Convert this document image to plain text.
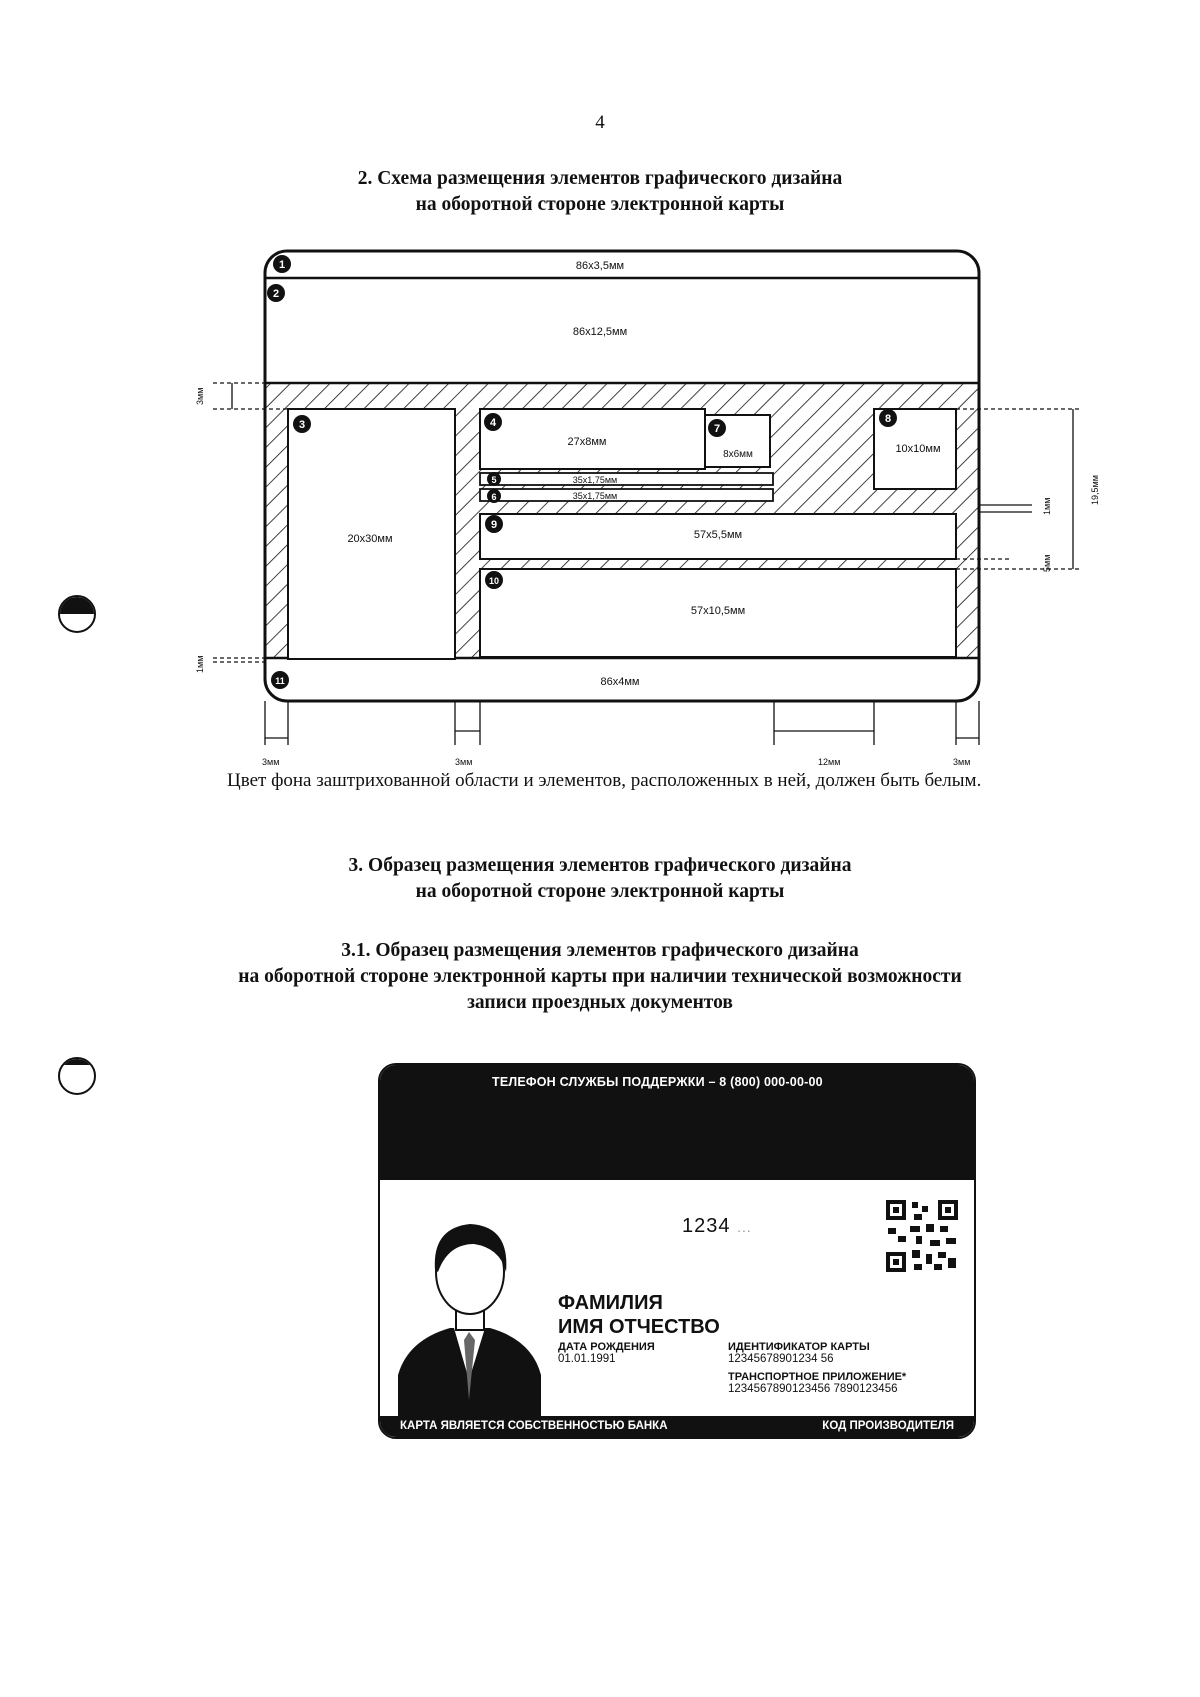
4
2. Схема размещения элементов графического дизайна
на оборотной стороне электронной карты
1
2
3	4
5
6
7
8
9
10
11
86х3,5мм
86х12,5мм
20х30мм
27х8мм
35х1,75мм
35х1,75мм
8х6мм	10х10мм
57х5,5мм
57х10,5мм
86х4мм
3мм
1мм
19,5мм
1мм
5мм
3мм	3мм	12мм	3мм
Цвет фона заштрихованной области и элементов, расположенных в ней, должен быть белым.
3. Образец размещения элементов графического дизайна
на оборотной стороне электронной карты
3.1. Образец размещения элементов графического дизайна
на оборотной стороне электронной карты при наличии технической возможности
записи проездных документов
ТЕЛЕФОН СЛУЖБЫ ПОДДЕРЖКИ – 8 (800) 000-00-00
1234 ...
ФАМИЛИЯ
ИМЯ ОТЧЕСТВО
ДАТА РОЖДЕНИЯ
01.01.1991
ИДЕНТИФИКАТОР КАРТЫ
12345678901234 56
ТРАНСПОРТНОЕ ПРИЛОЖЕНИЕ*
1234567890123456 7890123456
КАРТА ЯВЛЯЕТСЯ СОБСТВЕННОСТЬЮ БАНКА	КОД ПРОИЗВОДИТЕЛЯ
